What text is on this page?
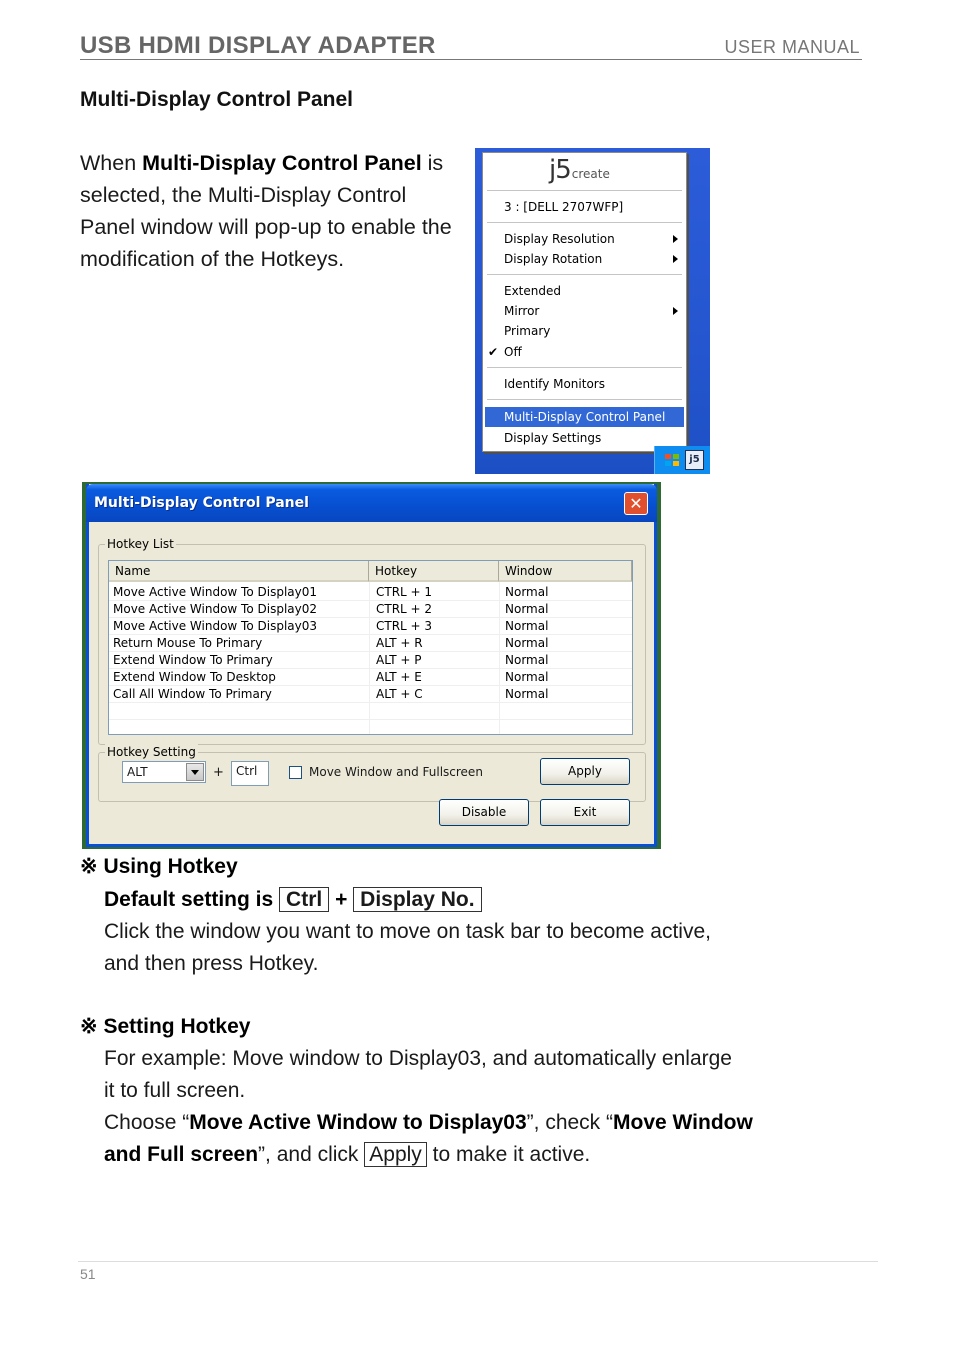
USB HDMI DISPLAY ADAPTER	USER MANUAL
Multi-Display Control Panel

When Multi-Display Control Panel is selected, the Multi-Display Control Panel window will pop-up to enable the modification of the Hotkeys.

j5create
3 : [DELL 2707WFP]
Display Resolution
Display Rotation
Extended
Mirror
Primary
✔ Off
Identify Monitors
Multi-Display Control Panel
Display Settings
j5
Multi-Display Control Panel	✕
Hotkey List
Name	Hotkey	Window
Move Active Window To Display01	CTRL + 1	Normal
Move Active Window To Display02	CTRL + 2	Normal
Move Active Window To Display03	CTRL + 3	Normal
Return Mouse To Primary	ALT + R	Normal
Extend Window To Primary	ALT + P	Normal
Extend Window To Desktop	ALT + E	Normal
Call All Window To Primary	ALT + C	Normal
Hotkey Setting
ALT	+	Ctrl	Move Window and Fullscreen	Apply
Disable	Exit
※ Using Hotkey
Default setting is Ctrl + Display No.
Click the window you want to move on task bar to become active,
and then press Hotkey.
※ Setting Hotkey
For example: Move window to Display03, and automatically enlarge
it to full screen.
Choose “Move Active Window to Display03”, check “Move Window
and Full screen”, and click Apply to make it active.
51
